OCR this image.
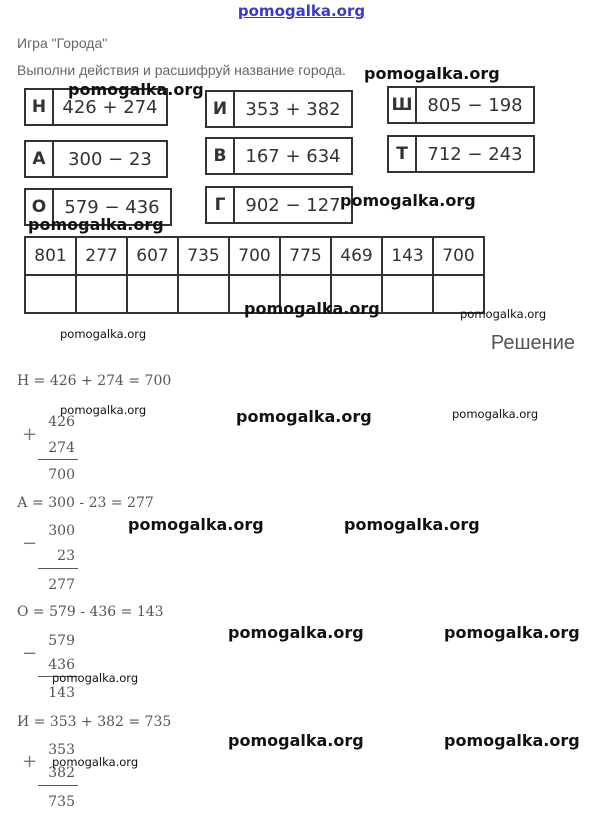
pomogalka.org
Игра "Города"
Выполни действия и расшифруй название города.
Н 426 + 274	И	353 + 382	Ш 805 − 198
А	300 − 23	В	167 + 634	Т	712 − 243
О	579 − 436	Г	902 − 127
801	277	607	735	700	775	469	143	700

Решение
Н = 426 + 274 = 700
+
426
274
700
А = 300 - 23 = 277
−
300
23
277
О = 579 - 436 = 143
−
579
436
143
И = 353 + 382 = 735
+
353
382
735
pomogalka.org
pomogalka.org
pomogalka.org
pomogalka.org
pomogalka.org	pomogalka.org
pomogalka.org
pomogalka.org	pomogalka.org	pomogalka.org
pomogalka.org	pomogalka.org
pomogalka.org	pomogalka.org
pomogalka.org
pomogalka.org	pomogalka.org
pomogalka.org
